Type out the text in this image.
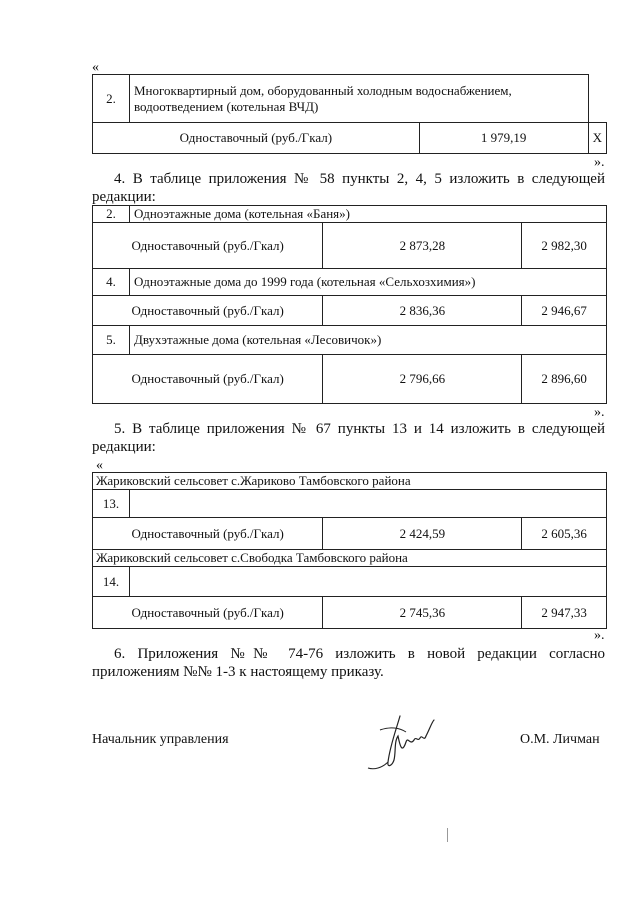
«
2.	Многоквартирный дом, оборудованный холодным водоснабжением, водоотведением (котельная ВЧД)		
Одноставочный (руб./Гкал)		1 979,19	Х
».
4. В таблице приложения № 58 пункты 2, 4, 5 изложить в следующей редакции:
2.	Одноэтажные дома (котельная «Баня»)		
Одноставочный (руб./Гкал)		2 873,28	2 982,30
4.	Одноэтажные дома до 1999 года (котельная «Сельхозхимия»)		
Одноставочный (руб./Гкал)		2 836,36	2 946,67
5.	Двухэтажные дома (котельная «Лесовичок»)		
Одноставочный (руб./Гкал)		2 796,66	2 896,60
».
5. В таблице приложения № 67 пункты 13 и 14 изложить в следующей редакции:
«
Жариковский сельсовет с.Жариково Тамбовского района			
13.			
Одноставочный (руб./Гкал)		2 424,59	2 605,36
Жариковский сельсовет с.Свободка Тамбовского района			
14.			
Одноставочный (руб./Гкал)		2 745,36	2 947,33
».
6. Приложения №№ 74-76 изложить в новой редакции согласно приложениям №№ 1-3 к настоящему приказу.
Начальник управления	О.М. Личман
